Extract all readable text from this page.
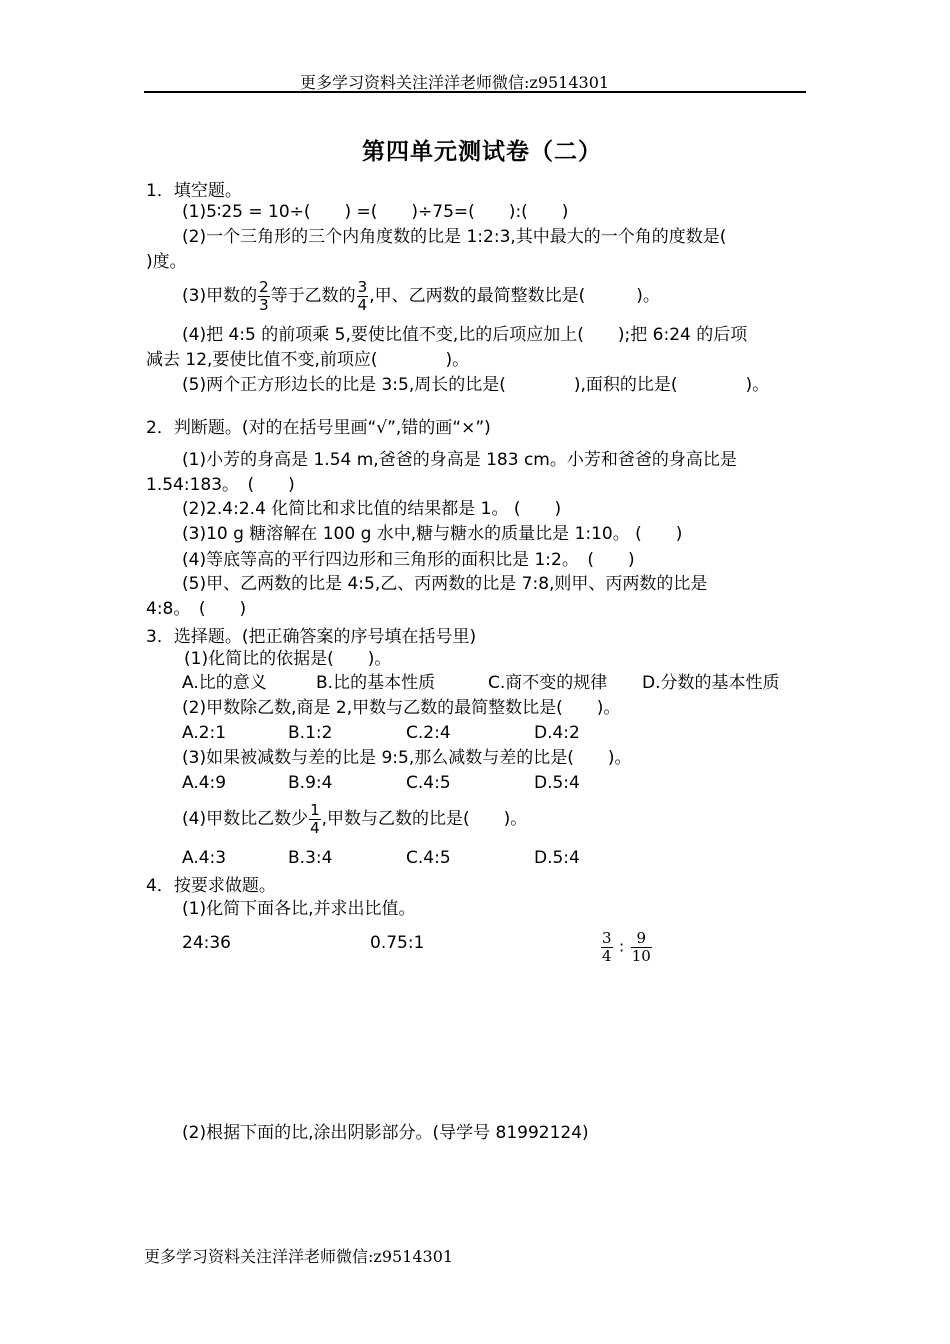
更多学习资料关注洋洋老师微信:z9514301
第四单元测试卷（二）
1．填空题。
(1)5∶25 = 10÷(　　) =(　　)÷75=(　　):(　　)
(2)一个三角形的三个内角度数的比是 1:2:3,其中最大的一个角的度数是(
)度。
(3)甲数的 $\frac{2}{3}$ 等于乙数的 $\frac{3}{4}$ ,甲、乙两数的最简整数比是(　　　)。
(4)把 4:5 的前项乘 5,要使比值不变,比的后项应加上(　　);把 6:24 的后项
减去 12,要使比值不变,前项应(　　　　)。
(5)两个正方形边长的比是 3:5,周长的比是(　　　　),面积的比是(　　　　)。
2．判断题。(对的在括号里画“√”,错的画“×”)
(1)小芳的身高是 1.54 m,爸爸的身高是 183 cm。小芳和爸爸的身高比是
1.54:183。　(　　)
(2)2.4:2.4 化简比和求比值的结果都是 1。 (　　)
(3)10 g 糖溶解在 100 g 水中,糖与糖水的质量比是 1:10。 (　　)
(4)等底等高的平行四边形和三角形的面积比是 1:2。　(　　)
(5)甲、乙两数的比是 4:5,乙、丙两数的比是 7:8,则甲、丙两数的比是
4:8。　(　　)
3．选择题。(把正确答案的序号填在括号里)
(1)化简比的依据是(　　)。
A.比的意义	B.比的基本性质	C.商不变的规律 D.分数的基本性质
(2)甲数除乙数,商是 2,甲数与乙数的最简整数比是(　　)。
A.2:1	B.1:2	C.2:4	D.4:2
(3)如果被减数与差的比是 9:5,那么减数与差的比是(　　)。
A.4:9	B.9:4	C.4:5	D.5:4
(4)甲数比乙数少 $\frac{1}{4}$ ,甲数与乙数的比是(　　)。
A.4:3	B.3:4	C.4:5	D.5:4
4．按要求做题。
(1)化简下面各比,并求出比值。
24:36	0.75:1	$\frac{3}{4}$ ∶ $\frac{9}{10}$
(2)根据下面的比,涂出阴影部分。(导学号 81992124)
更多学习资料关注洋洋老师微信:z9514301
